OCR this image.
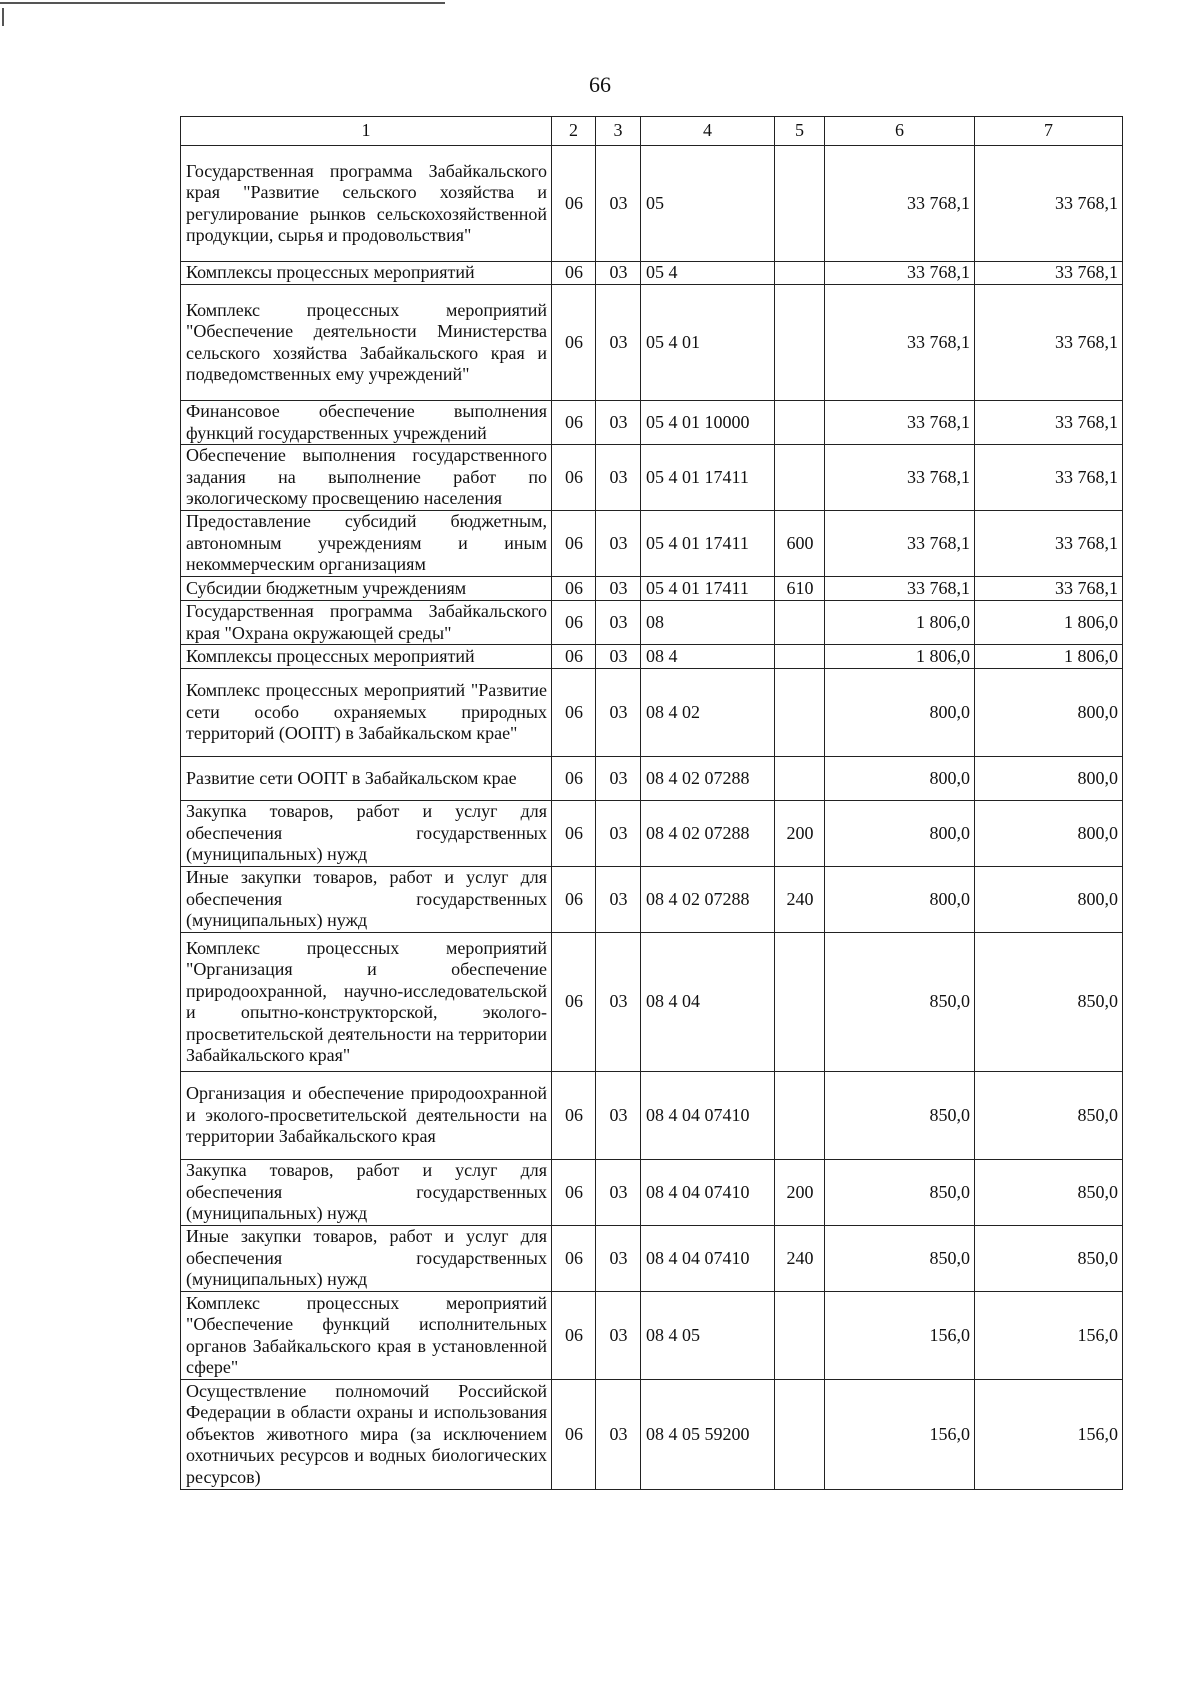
66
1	2	3	4	5	6	7
Государственная программа Забайкальского края "Развитие сельского хозяйства и регулирование рынков сельскохозяйственной продукции, сырья и продовольствия"	06	03	05		33 768,1	33 768,1
Комплексы процессных мероприятий	06	03	05 4		33 768,1	33 768,1
Комплекс процессных мероприятий "Обеспечение деятельности Министерства сельского хозяйства Забайкальского края и подведомственных ему учреждений"	06	03	05 4 01		33 768,1	33 768,1
Финансовое обеспечение выполнения функций государственных учреждений	06	03	05 4 01 10000		33 768,1	33 768,1
Обеспечение выполнения государственного задания на выполнение работ по экологическому просвещению населения	06	03	05 4 01 17411		33 768,1	33 768,1
Предоставление субсидий бюджетным, автономным учреждениям и иным некоммерческим организациям	06	03	05 4 01 17411	600	33 768,1	33 768,1
Субсидии бюджетным учреждениям	06	03	05 4 01 17411	610	33 768,1	33 768,1
Государственная программа Забайкальского края "Охрана окружающей среды"	06	03	08		1 806,0	1 806,0
Комплексы процессных мероприятий	06	03	08 4		1 806,0	1 806,0
Комплекс процессных мероприятий "Развитие сети особо охраняемых природных территорий (ООПТ) в Забайкальском крае"	06	03	08 4 02		800,0	800,0
Развитие сети ООПТ в Забайкальском крае	06	03	08 4 02 07288		800,0	800,0
Закупка товаров, работ и услуг для обеспечения государственных (муниципальных) нужд	06	03	08 4 02 07288	200	800,0	800,0
Иные закупки товаров, работ и услуг для обеспечения государственных (муниципальных) нужд	06	03	08 4 02 07288	240	800,0	800,0
Комплекс процессных мероприятий "Организация и обеспечение природоохранной, научно-исследовательской и опытно-конструкторской, эколого-просветительской деятельности на территории Забайкальского края"	06	03	08 4 04		850,0	850,0
Организация и обеспечение природоохранной и эколого-просветительской деятельности на территории Забайкальского края	06	03	08 4 04 07410		850,0	850,0
Закупка товаров, работ и услуг для обеспечения государственных (муниципальных) нужд	06	03	08 4 04 07410	200	850,0	850,0
Иные закупки товаров, работ и услуг для обеспечения государственных (муниципальных) нужд	06	03	08 4 04 07410	240	850,0	850,0
Комплекс процессных мероприятий "Обеспечение функций исполнительных органов Забайкальского края в установленной сфере"	06	03	08 4 05		156,0	156,0
Осуществление полномочий Российской Федерации в области охраны и использования объектов животного мира (за исключением охотничьих ресурсов и водных биологических ресурсов)	06	03	08 4 05 59200		156,0	156,0
